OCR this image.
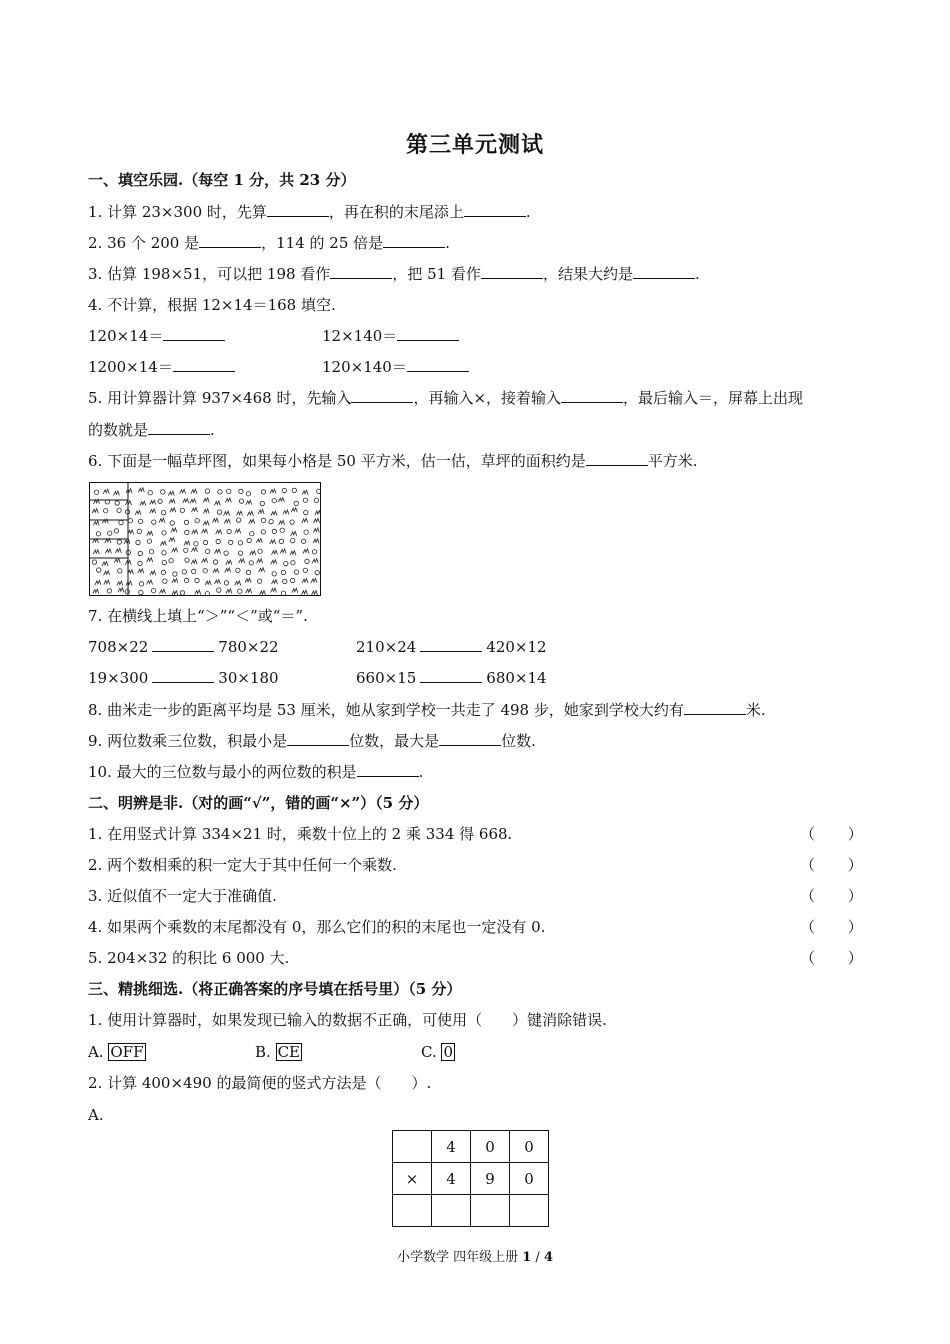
第三单元测试
一、填空乐园.（每空 1 分，共 23 分）
1. 计算 23×300 时，先算	，再在积的末尾添上	.
2. 36 个 200 是	，114 的 25 倍是	.
3. 估算 198×51，可以把 198 看作	，把 51 看作	，结果大约是	.
4. 不计算，根据 12×14＝168 填空.
120×14＝	12×140＝
1200×14＝	120×140＝
5. 用计算器计算 937×468 时，先输入	，再输入×，接着输入	，最后输入＝，屏幕上出现
的数就是	.
6. 下面是一幅草坪图，如果每小格是 50 平方米，估一估，草坪的面积约是	平方米.
7. 在横线上填上“＞”“＜”或“＝”.
708×22	780×22	210×24	420×12
19×300	30×180	660×15	680×14
8. 曲米走一步的距离平均是 53 厘米，她从家到学校一共走了 498 步，她家到学校大约有	米.
9. 两位数乘三位数，积最小是	位数，最大是	位数.
10. 最大的三位数与最小的两位数的积是	.
二、明辨是非.（对的画“√”，错的画“×”）（5 分）
1. 在用竖式计算 334×21 时，乘数十位上的 2 乘 334 得 668.	（ ）
2. 两个数相乘的积一定大于其中任何一个乘数.	（ ）
3. 近似值不一定大于准确值.	（ ）
4. 如果两个乘数的末尾都没有 0，那么它们的积的末尾也一定没有 0.	（ ）
5. 204×32 的积比 6 000 大.	（ ）
三、精挑细选.（将正确答案的序号填在括号里）（5 分）
1. 使用计算器时，如果发现已输入的数据不正确，可使用（　　）键消除错误.
A. OFF	B. CE	C. 0
2. 计算 400×490 的最简便的竖式方法是（　　）.
A.
	4	0	0
×	4	9	0

小学数学 四年级上册 1 / 4
